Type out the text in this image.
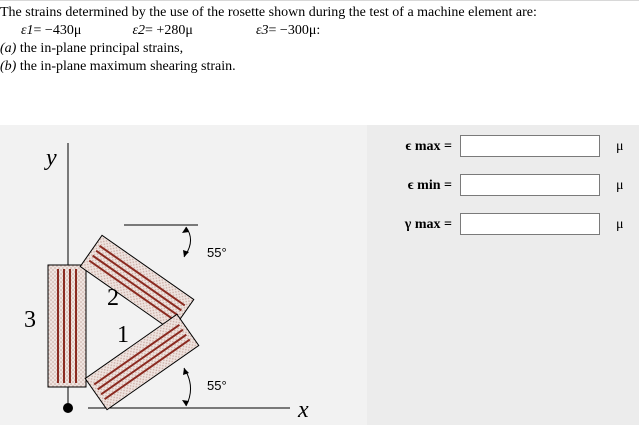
The strains determined by the use of the rosette shown during the test of a machine element are:
ε1= −430μ	ε2= +280μ	ε3= −300μ:
(a) the in-plane principal strains,
(b) the in-plane maximum shearing strain.
y
x
3
2
1
55°
55°
ϵ max =	μ
ϵ min =	μ
γ max =	μ
